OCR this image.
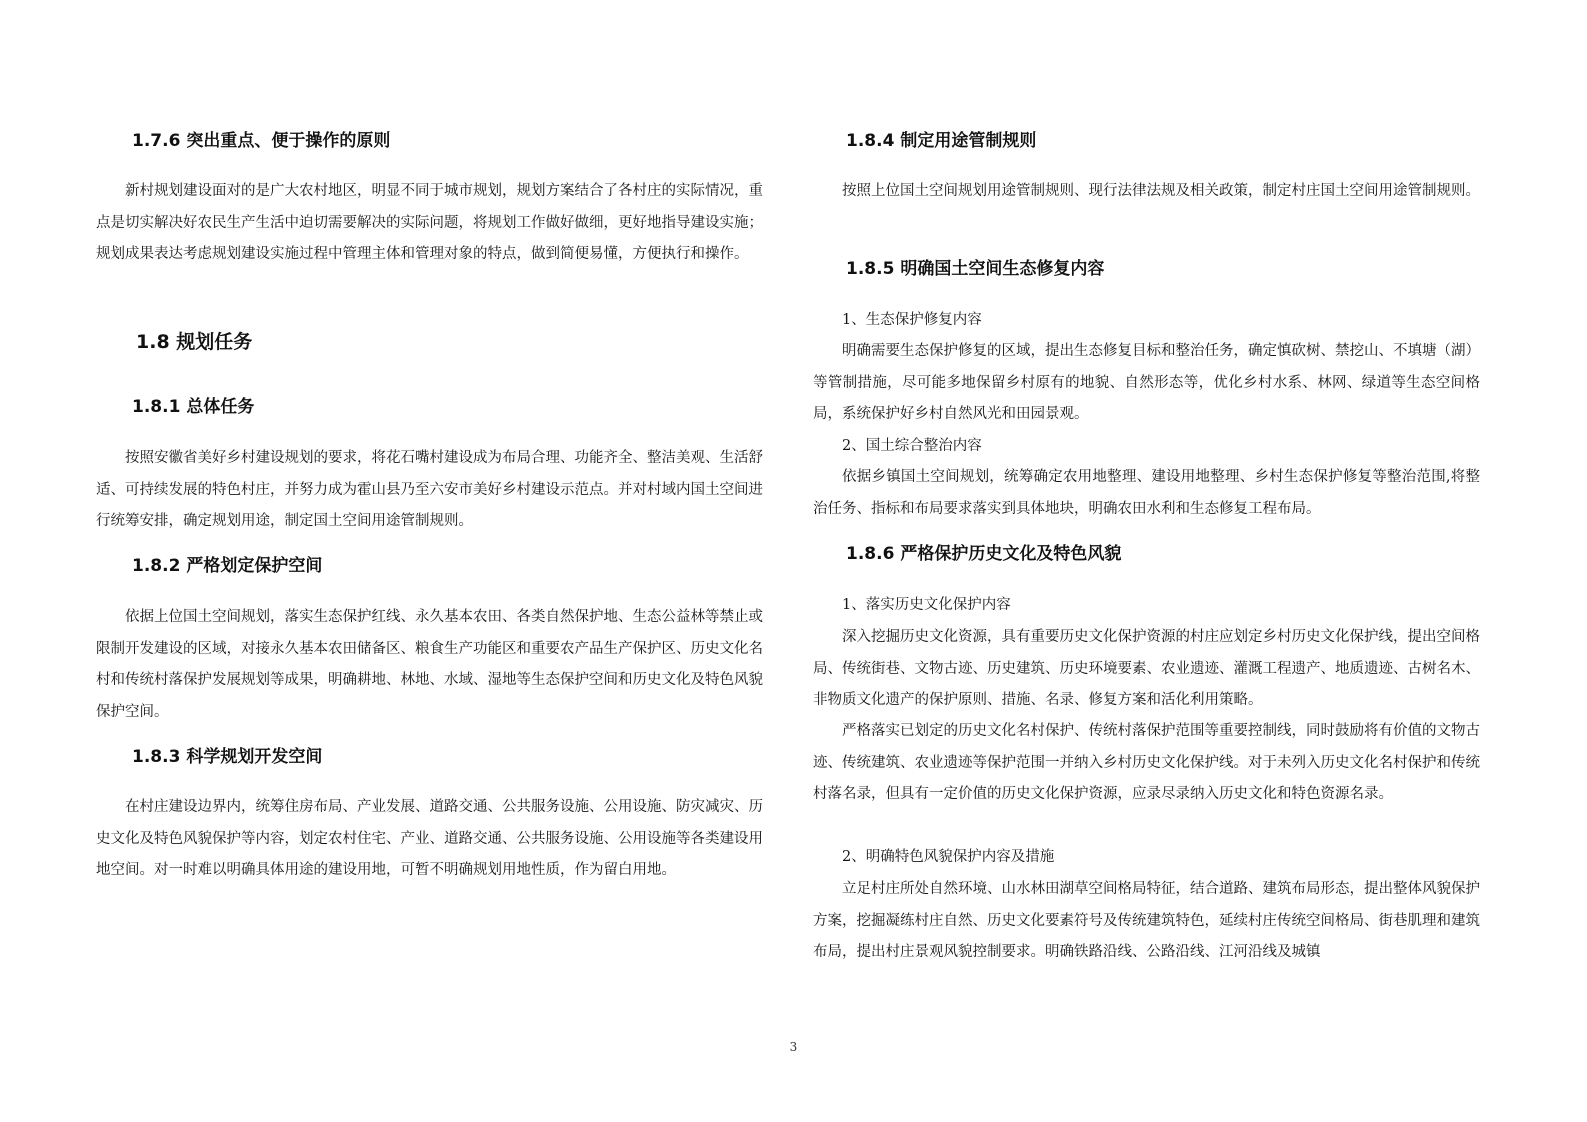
1.7.6 突出重点、便于操作的原则

新村规划建设面对的是广大农村地区，明显不同于城市规划，规划方案结合了各村庄的实际情况，重点是切实解决好农民生产生活中迫切需要解决的实际问题，将规划工作做好做细，更好地指导建设实施；规划成果表达考虑规划建设实施过程中管理主体和管理对象的特点，做到简便易懂，方便执行和操作。

1.8 规划任务
1.8.1 总体任务

按照安徽省美好乡村建设规划的要求，将花石嘴村建设成为布局合理、功能齐全、整洁美观、生活舒适、可持续发展的特色村庄，并努力成为霍山县乃至六安市美好乡村建设示范点。并对村域内国土空间进行统筹安排，确定规划用途，制定国土空间用途管制规则。

1.8.2 严格划定保护空间

依据上位国土空间规划，落实生态保护红线、永久基本农田、各类自然保护地、生态公益林等禁止或限制开发建设的区域，对接永久基本农田储备区、粮食生产功能区和重要农产品生产保护区、历史文化名村和传统村落保护发展规划等成果，明确耕地、林地、水域、湿地等生态保护空间和历史文化及特色风貌保护空间。

1.8.3 科学规划开发空间

在村庄建设边界内，统筹住房布局、产业发展、道路交通、公共服务设施、公用设施、防灾减灾、历史文化及特色风貌保护等内容，划定农村住宅、产业、道路交通、公共服务设施、公用设施等各类建设用地空间。对一时难以明确具体用途的建设用地，可暂不明确规划用地性质，作为留白用地。

1.8.4 制定用途管制规则

按照上位国土空间规划用途管制规则、现行法律法规及相关政策，制定村庄国土空间用途管制规则。

1.8.5 明确国土空间生态修复内容

1、生态保护修复内容

明确需要生态保护修复的区域，提出生态修复目标和整治任务，确定慎砍树、禁挖山、不填塘（湖）等管制措施，尽可能多地保留乡村原有的地貌、自然形态等，优化乡村水系、林网、绿道等生态空间格局，系统保护好乡村自然风光和田园景观。

2、国土综合整治内容

依据乡镇国土空间规划，统筹确定农用地整理、建设用地整理、乡村生态保护修复等整治范围,将整治任务、指标和布局要求落实到具体地块，明确农田水利和生态修复工程布局。

1.8.6 严格保护历史文化及特色风貌

1、落实历史文化保护内容

深入挖掘历史文化资源，具有重要历史文化保护资源的村庄应划定乡村历史文化保护线，提出空间格局、传统街巷、文物古迹、历史建筑、历史环境要素、农业遗迹、灌溉工程遗产、地质遗迹、古树名木、非物质文化遗产的保护原则、措施、名录、修复方案和活化利用策略。

严格落实已划定的历史文化名村保护、传统村落保护范围等重要控制线，同时鼓励将有价值的文物古迹、传统建筑、农业遗迹等保护范围一并纳入乡村历史文化保护线。对于未列入历史文化名村保护和传统村落名录，但具有一定价值的历史文化保护资源，应录尽录纳入历史文化和特色资源名录。

2、明确特色风貌保护内容及措施

立足村庄所处自然环境、山水林田湖草空间格局特征，结合道路、建筑布局形态，提出整体风貌保护方案，挖掘凝练村庄自然、历史文化要素符号及传统建筑特色，延续村庄传统空间格局、街巷肌理和建筑布局，提出村庄景观风貌控制要求。明确铁路沿线、公路沿线、江河沿线及城镇

3
